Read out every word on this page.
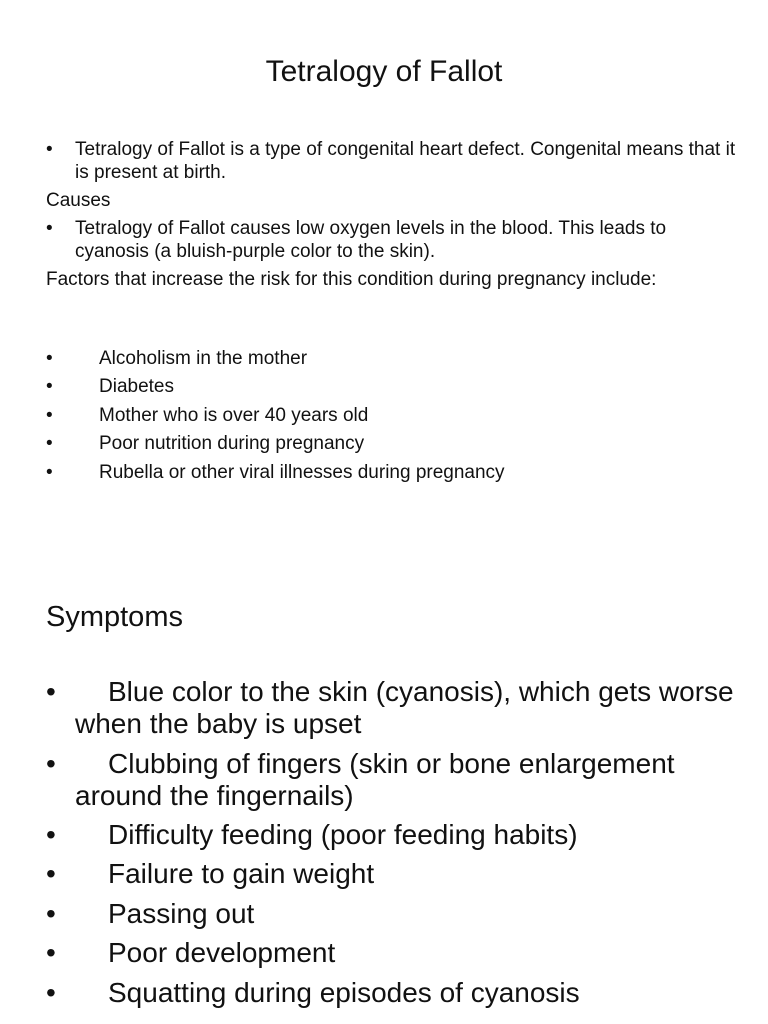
Tetralogy of Fallot
• Tetralogy of Fallot is a type of congenital heart defect. Congenital means that it is present at birth.
Causes
• Tetralogy of Fallot causes low oxygen levels in the blood. This leads to cyanosis (a bluish-purple color to the skin).
Factors that increase the risk for this condition during pregnancy include:
• Alcoholism in the mother
• Diabetes
• Mother who is over 40 years old
• Poor nutrition during pregnancy
• Rubella or other viral illnesses during pregnancy
Symptoms
•	Blue color to the skin (cyanosis), which gets worse when the baby is upset
•	Clubbing of fingers (skin or bone enlargement around the fingernails)
•	Difficulty feeding (poor feeding habits)
•	Failure to gain weight
•	Passing out
•	Poor development
•	Squatting during episodes of cyanosis
